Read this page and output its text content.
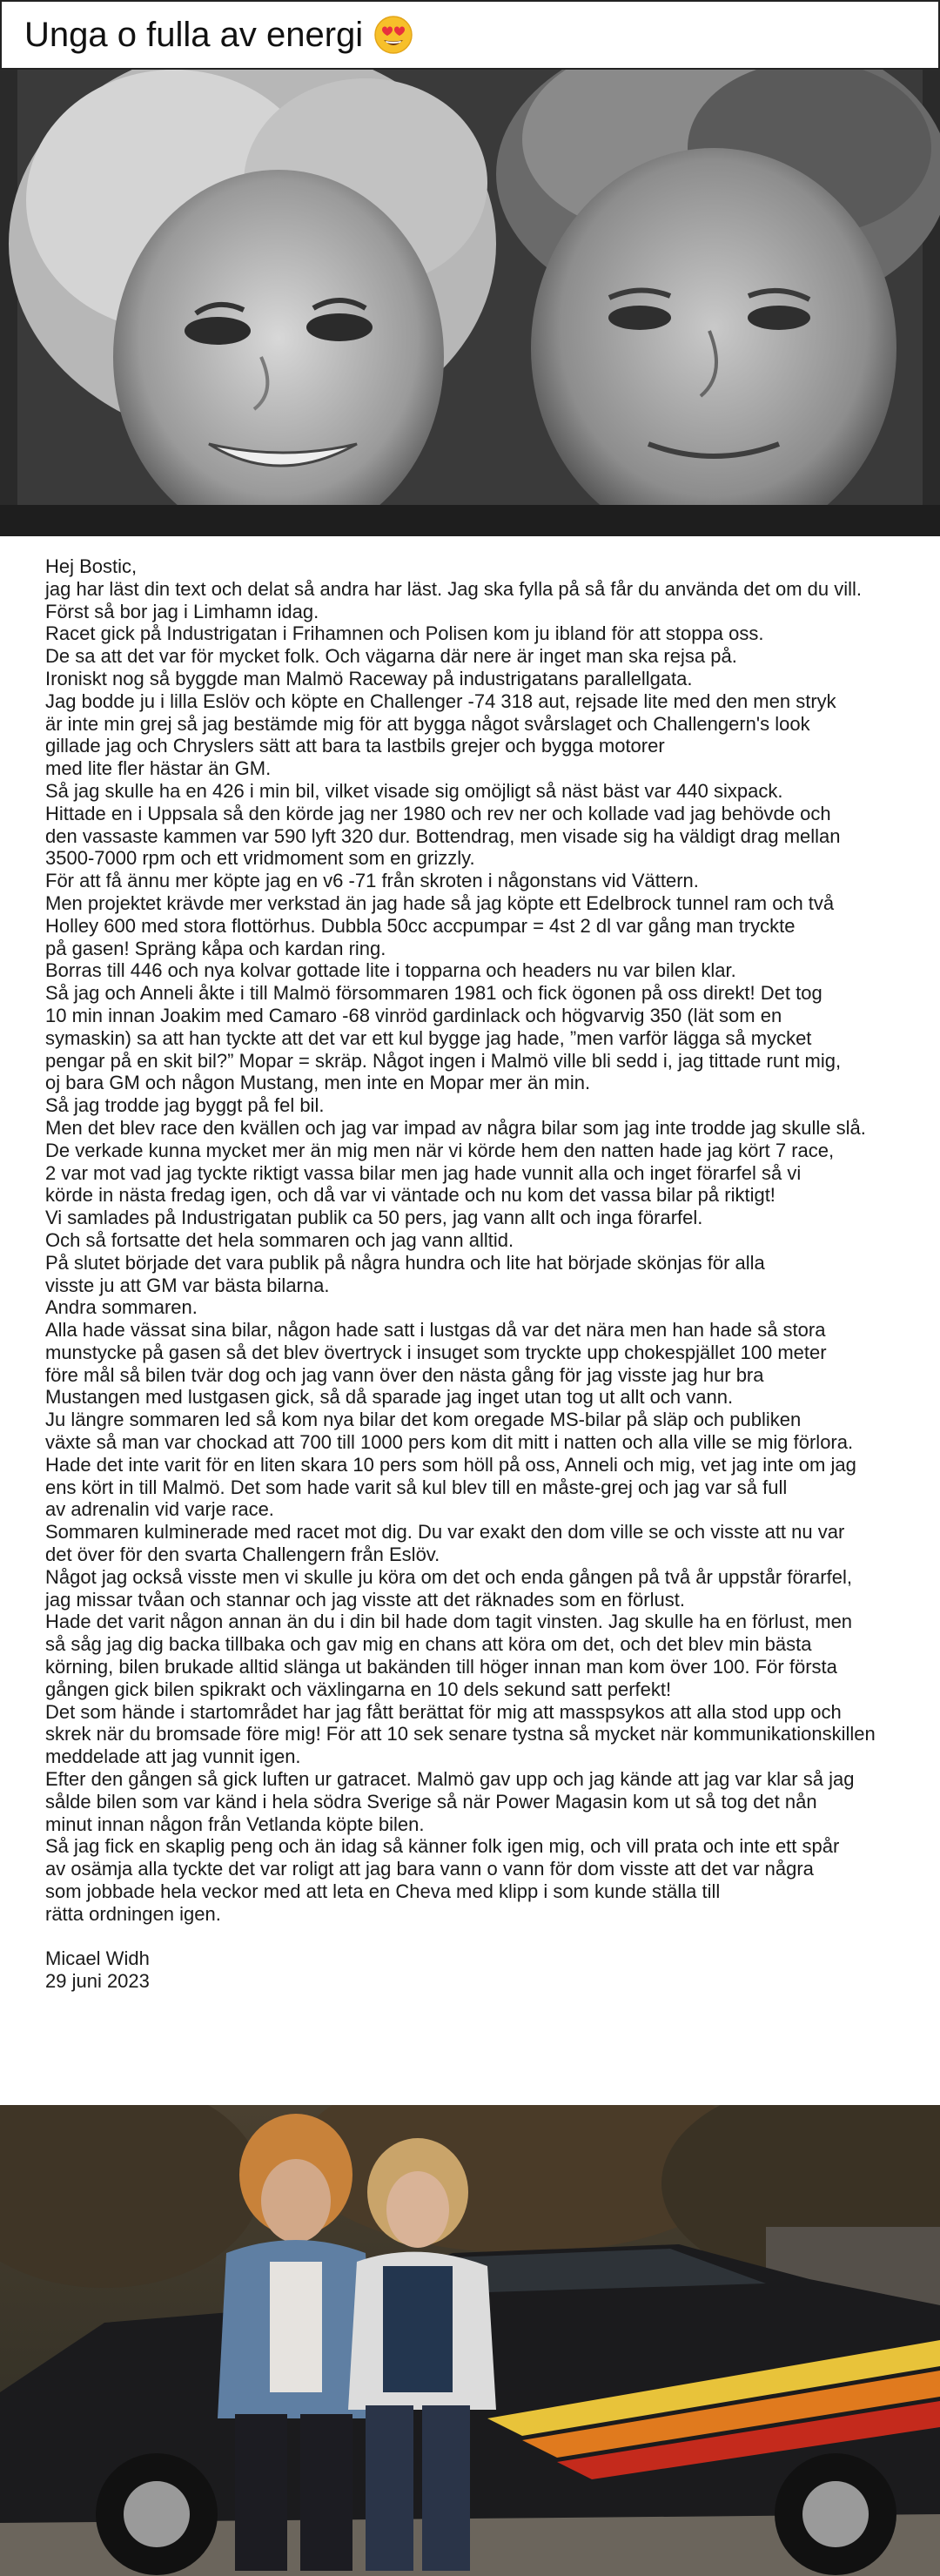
Unga o fulla av energi
Hej Bostic,
jag har läst din text och delat så andra har läst. Jag ska fylla på så får du använda det om du vill.
Först så bor jag i Limhamn idag.
Racet gick på Industrigatan i Frihamnen och Polisen kom ju ibland för att stoppa oss.
De sa att det var för mycket folk. Och vägarna där nere är inget man ska rejsa på.
Ironiskt nog så byggde man Malmö Raceway på industrigatans parallellgata.
Jag bodde ju i lilla Eslöv och köpte en Challenger -74 318 aut, rejsade lite med den men stryk
är inte min grej så jag bestämde mig för att bygga något svårslaget och Challengern's look
gillade jag och Chryslers sätt att bara ta lastbils grejer och bygga motorer
med lite fler hästar än GM.
Så jag skulle ha en 426 i min bil, vilket visade sig omöjligt så näst bäst var 440 sixpack.
Hittade en i Uppsala så den körde jag ner 1980 och rev ner och kollade vad jag behövde och
den vassaste kammen var 590 lyft 320 dur. Bottendrag, men visade sig ha väldigt drag mellan
3500-7000 rpm och ett vridmoment som en grizzly.
För att få ännu mer köpte jag en v6 -71 från skroten i någonstans vid Vättern.
Men projektet krävde mer verkstad än jag hade så jag köpte ett Edelbrock tunnel ram och två
Holley 600 med stora flottörhus. Dubbla 50cc accpumpar = 4st 2 dl var gång man tryckte
på gasen! Spräng kåpa och kardan ring.
Borras till 446 och nya kolvar gottade lite i topparna och headers nu var bilen klar.
Så jag och Anneli åkte i till Malmö försommaren 1981 och fick ögonen på oss direkt! Det tog
10 min innan Joakim med Camaro -68 vinröd gardinlack och högvarvig 350 (lät som en
symaskin) sa att han tyckte att det var ett kul bygge jag hade, ”men varför lägga så mycket
pengar på en skit bil?” Mopar = skräp. Något ingen i Malmö ville bli sedd i, jag tittade runt mig,
oj bara GM och någon Mustang, men inte en Mopar mer än min.
Så jag trodde jag byggt på fel bil.
Men det blev race den kvällen och jag var impad av några bilar som jag inte trodde jag skulle slå.
De verkade kunna mycket mer än mig men när vi körde hem den natten hade jag kört 7 race,
2 var mot vad jag tyckte riktigt vassa bilar men jag hade vunnit alla och inget förarfel så vi
körde in nästa fredag igen, och då var vi väntade och nu kom det vassa bilar på riktigt!
Vi samlades på Industrigatan publik ca 50 pers, jag vann allt och inga förarfel.
Och så fortsatte det hela sommaren och jag vann alltid.
På slutet började det vara publik på några hundra och lite hat började skönjas för alla
visste ju att GM var bästa bilarna.
Andra sommaren.
Alla hade vässat sina bilar, någon hade satt i lustgas då var det nära men han hade så stora
munstycke på gasen så det blev övertryck i insuget som tryckte upp chokespjället 100 meter
före mål så bilen tvär dog och jag vann över den nästa gång för jag visste jag hur bra
Mustangen med lustgasen gick, så då sparade jag inget utan tog ut allt och vann.
Ju längre sommaren led så kom nya bilar det kom oregade MS-bilar på släp och publiken
växte så man var chockad att 700 till 1000 pers kom dit mitt i natten och alla ville se mig förlora.
Hade det inte varit för en liten skara 10 pers som höll på oss, Anneli och mig, vet jag inte om jag
ens kört in till Malmö. Det som hade varit så kul blev till en måste-grej och jag var så full
av adrenalin vid varje race.
Sommaren kulminerade med racet mot dig. Du var exakt den dom ville se och visste att nu var
det över för den svarta Challengern från Eslöv.
Något jag också visste men vi skulle ju köra om det och enda gången på två år uppstår förarfel,
jag missar tvåan och stannar och jag visste att det räknades som en förlust.
Hade det varit någon annan än du i din bil hade dom tagit vinsten. Jag skulle ha en förlust, men
så såg jag dig backa tillbaka och gav mig en chans att köra om det, och det blev min bästa
körning, bilen brukade alltid slänga ut bakänden till höger innan man kom över 100. För första
gången gick bilen spikrakt och växlingarna en 10 dels sekund satt perfekt!
Det som hände i startområdet har jag fått berättat för mig att masspsykos att alla stod upp och
skrek när du bromsade före mig! För att 10 sek senare tystna så mycket när kommunikationskillen
meddelade att jag vunnit igen.
Efter den gången så gick luften ur gatracet. Malmö gav upp och jag kände att jag var klar så jag
sålde bilen som var känd i hela södra Sverige så när Power Magasin kom ut så tog det nån
minut innan någon från Vetlanda köpte bilen.
Så jag fick en skaplig peng och än idag så känner folk igen mig, och vill prata och inte ett spår
av osämja alla tyckte det var roligt att jag bara vann o vann för dom visste att det var några
som jobbade hela veckor med att leta en Cheva med klipp i som kunde ställa till
rätta ordningen igen.
Micael Widh
29 juni 2023
